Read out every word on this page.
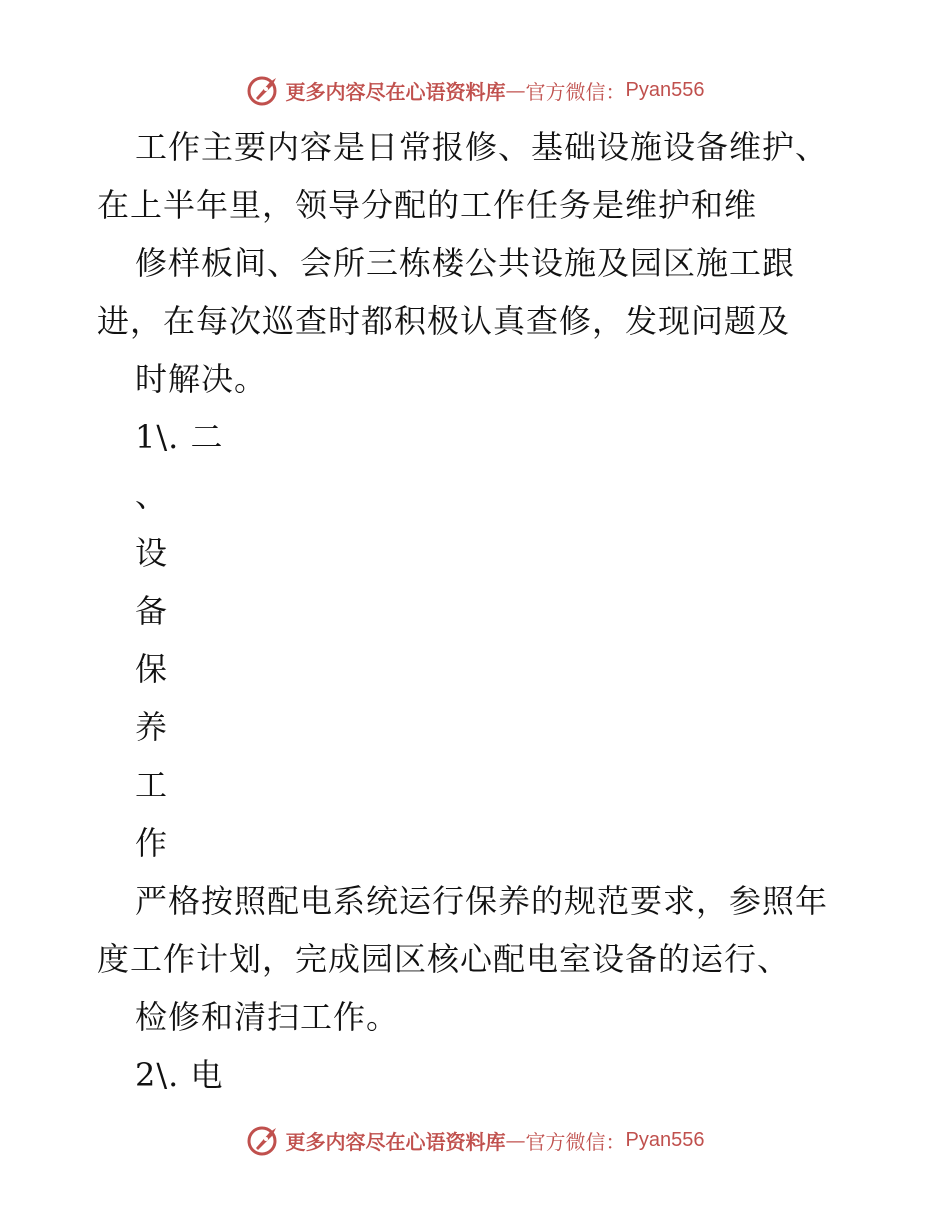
更多内容尽在心语资料库 — 官方微信： Pyan556
工作主要内容是日常报修、基础设施设备维护、
在上半年里，领导分配的工作任务是维护和维
修样板间、会所三栋楼公共设施及园区施工跟
进，在每次巡查时都积极认真查修，发现问题及
时解决。
1\. 二
、
设
备
保
养
工
作
严格按照配电系统运行保养的规范要求，参照年
度工作计划，完成园区核心配电室设备的运行、
检修和清扫工作。
2\. 电
更多内容尽在心语资料库 — 官方微信： Pyan556
